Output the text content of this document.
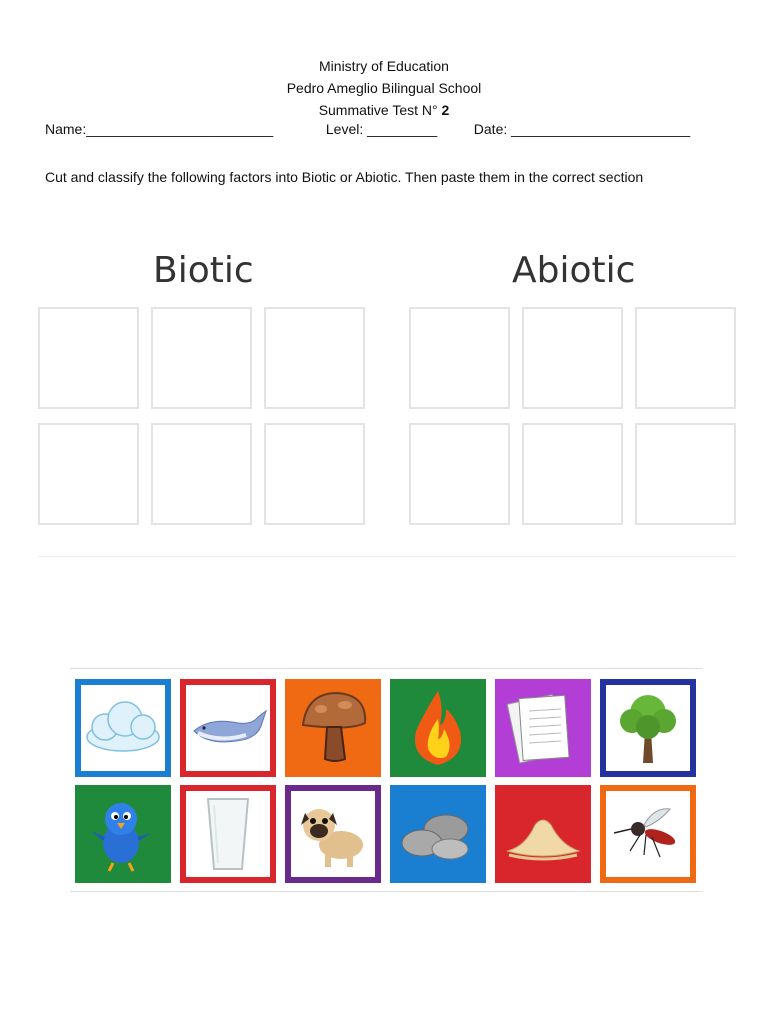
Ministry of Education
Pedro Ameglio Bilingual School
Summative Test N° 2
Name:________________________	Level: _________	Date: _______________________
Cut and classify the following factors into Biotic or Abiotic. Then paste them in the correct section
Biotic	Abiotic
